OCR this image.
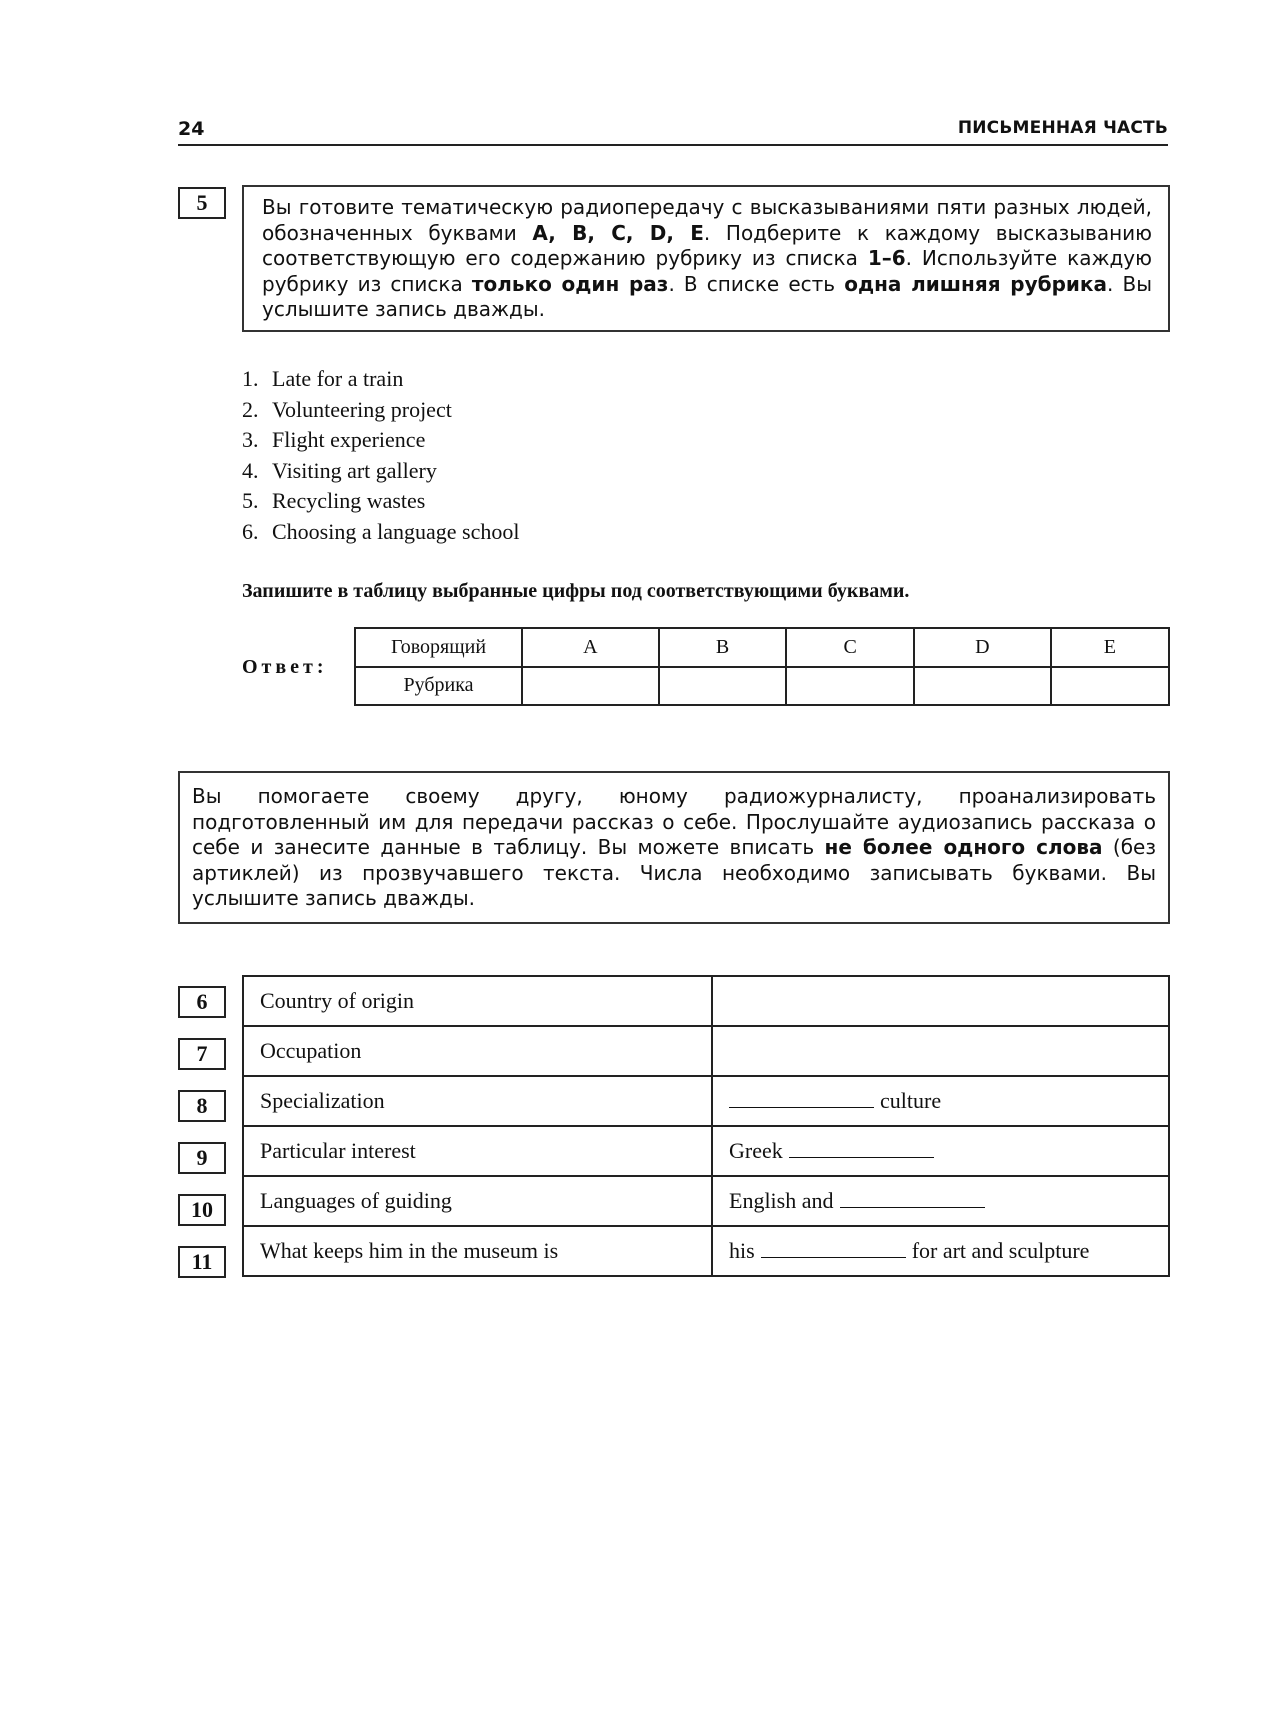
24	ПИСЬМЕННАЯ ЧАСТЬ
5	Вы готовите тематическую радиопередачу с высказываниями пяти разных людей, обозначенных буквами A, B, C, D, E. Подберите к каждому высказыванию соответствующую его содержанию рубрику из списка 1–6. Используйте каждую рубрику из списка только один раз. В списке есть одна лишняя рубрика. Вы услышите запись дважды.
1. Late for a train
2. Volunteering project
3. Flight experience
4. Visiting art gallery
5. Recycling wastes
6. Choosing a language school
Запишите в таблицу выбранные цифры под соответствующими буквами.
Ответ:
Говорящий	A	B	C	D	E
Рубрика					
Вы помогаете своему другу, юному радиожурналисту, проанализировать подготовленный им для передачи рассказ о себе. Прослушайте аудиозапись рассказа о себе и занесите данные в таблицу. Вы можете вписать не более одного слова (без артиклей) из прозвучавшего текста. Числа необходимо записывать буквами. Вы услышите запись дважды.
6
7
8
9
10
11
Country of origin	
Occupation	
Specialization	culture
Particular interest	Greek
Languages of guiding	English and
What keeps him in the museum is	his for art and sculpture
